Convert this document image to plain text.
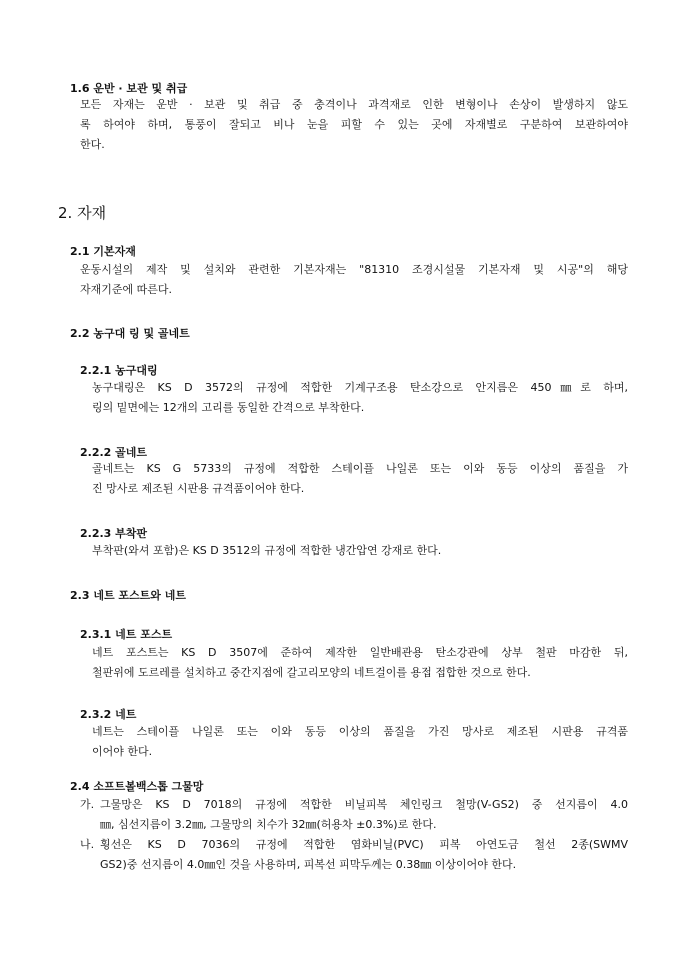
1.6 운반 · 보관 및 취급
모든 자재는 운반 · 보관 및 취급 중 충격이나 과격재로 인한 변형이나 손상이 발생하지 않도
록 하여야 하며, 통풍이 잘되고 비나 눈을 피할 수 있는 곳에 자재별로 구분하여 보관하여야
한다.
2. 자재
2.1 기본자재
운동시설의 제작 및 설치와 관련한 기본자재는 "81310 조경시설물 기본자재 및 시공"의 해당
자재기준에 따른다.
2.2 농구대 링 및 골네트
2.2.1 농구대링
농구대링은 KS D 3572의 규정에 적합한 기계구조용 탄소강으로 안지름은 450㎜로 하며,
링의 밑면에는 12개의 고리를 동일한 간격으로 부착한다.
2.2.2 골네트
골네트는 KS G 5733의 규정에 적합한 스테이플 나일론 또는 이와 동등 이상의 품질을 가
진 망사로 제조된 시판용 규격품이어야 한다.
2.2.3 부착판
부착판(와셔 포함)은 KS D 3512의 규정에 적합한 냉간압연 강재로 한다.
2.3 네트 포스트와 네트
2.3.1 네트 포스트
네트 포스트는 KS D 3507에 준하여 제작한 일반배관용 탄소강관에 상부 철판 마감한 뒤,
철판위에 도르레를 설치하고 중간지점에 갈고리모양의 네트걸이를 용접 접합한 것으로 한다.
2.3.2 네트
네트는 스테이플 나일론 또는 이와 동등 이상의 품질을 가진 망사로 제조된 시판용 규격품
이어야 한다.
2.4 소프트볼백스톱 그물망
가. 그물망은 KS D 7018의 규정에 적합한 비닐피복 체인링크 철망(V-GS2) 중 선지름이 4.0
㎜, 심선지름이 3.2㎜, 그물망의 치수가 32㎜(허용차 ±0.3%)로 한다.
나. 횡선은 KS D 7036의 규정에 적합한 염화비닐(PVC) 피복 아연도금 철선 2종(SWMV
GS2)중 선지름이 4.0㎜인 것을 사용하며, 피복선 피막두께는 0.38㎜ 이상이어야 한다.
